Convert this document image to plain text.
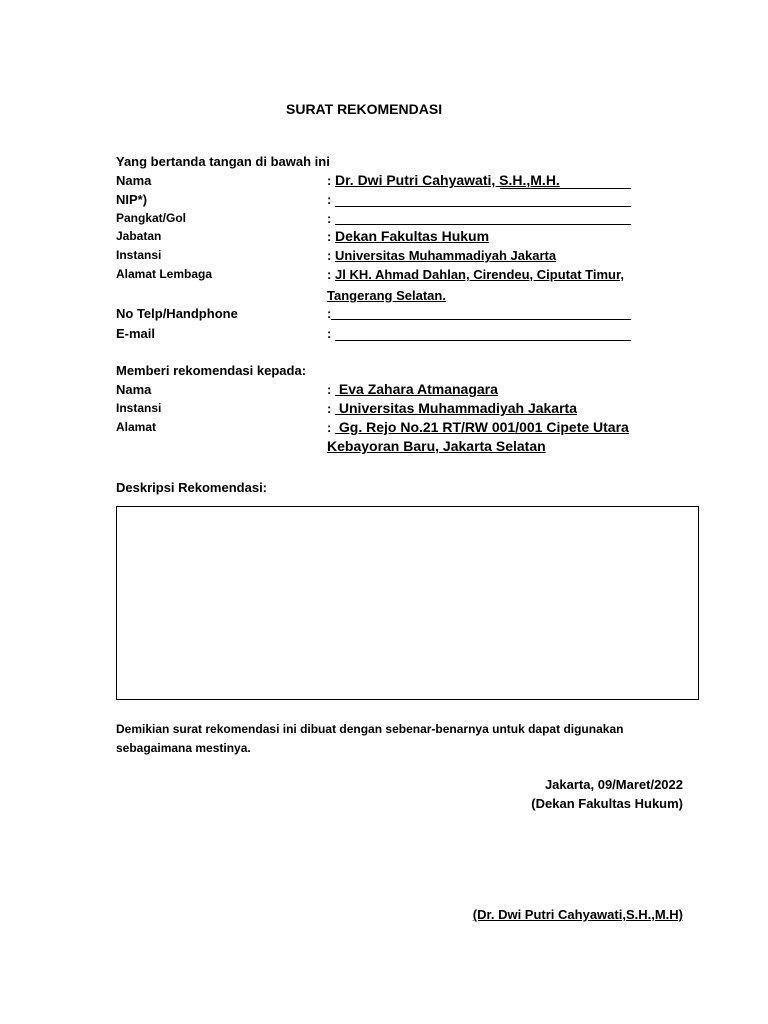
SURAT REKOMENDASI
Yang bertanda tangan di bawah ini
Nama	: Dr. Dwi Putri Cahyawati, S.H.,M.H.
NIP*)	:
Pangkat/Gol	:
Jabatan	: Dekan Fakultas Hukum
Instansi	: Universitas Muhammadiyah Jakarta
Alamat Lembaga	: Jl KH. Ahmad Dahlan, Cirendeu, Ciputat Timur,
Tangerang Selatan.
No Telp/Handphone	:
E-mail	:
Memberi rekomendasi kepada:
Nama	: Eva Zahara Atmanagara
Instansi	: Universitas Muhammadiyah Jakarta
Alamat	: Gg. Rejo No.21 RT/RW 001/001 Cipete Utara
Kebayoran Baru, Jakarta Selatan
Deskripsi Rekomendasi:
Demikian surat rekomendasi ini dibuat dengan sebenar-benarnya untuk dapat digunakan
sebagaimana mestinya.
Jakarta, 09/Maret/2022
(Dekan Fakultas Hukum)
(Dr. Dwi Putri Cahyawati,S.H.,M.H)
